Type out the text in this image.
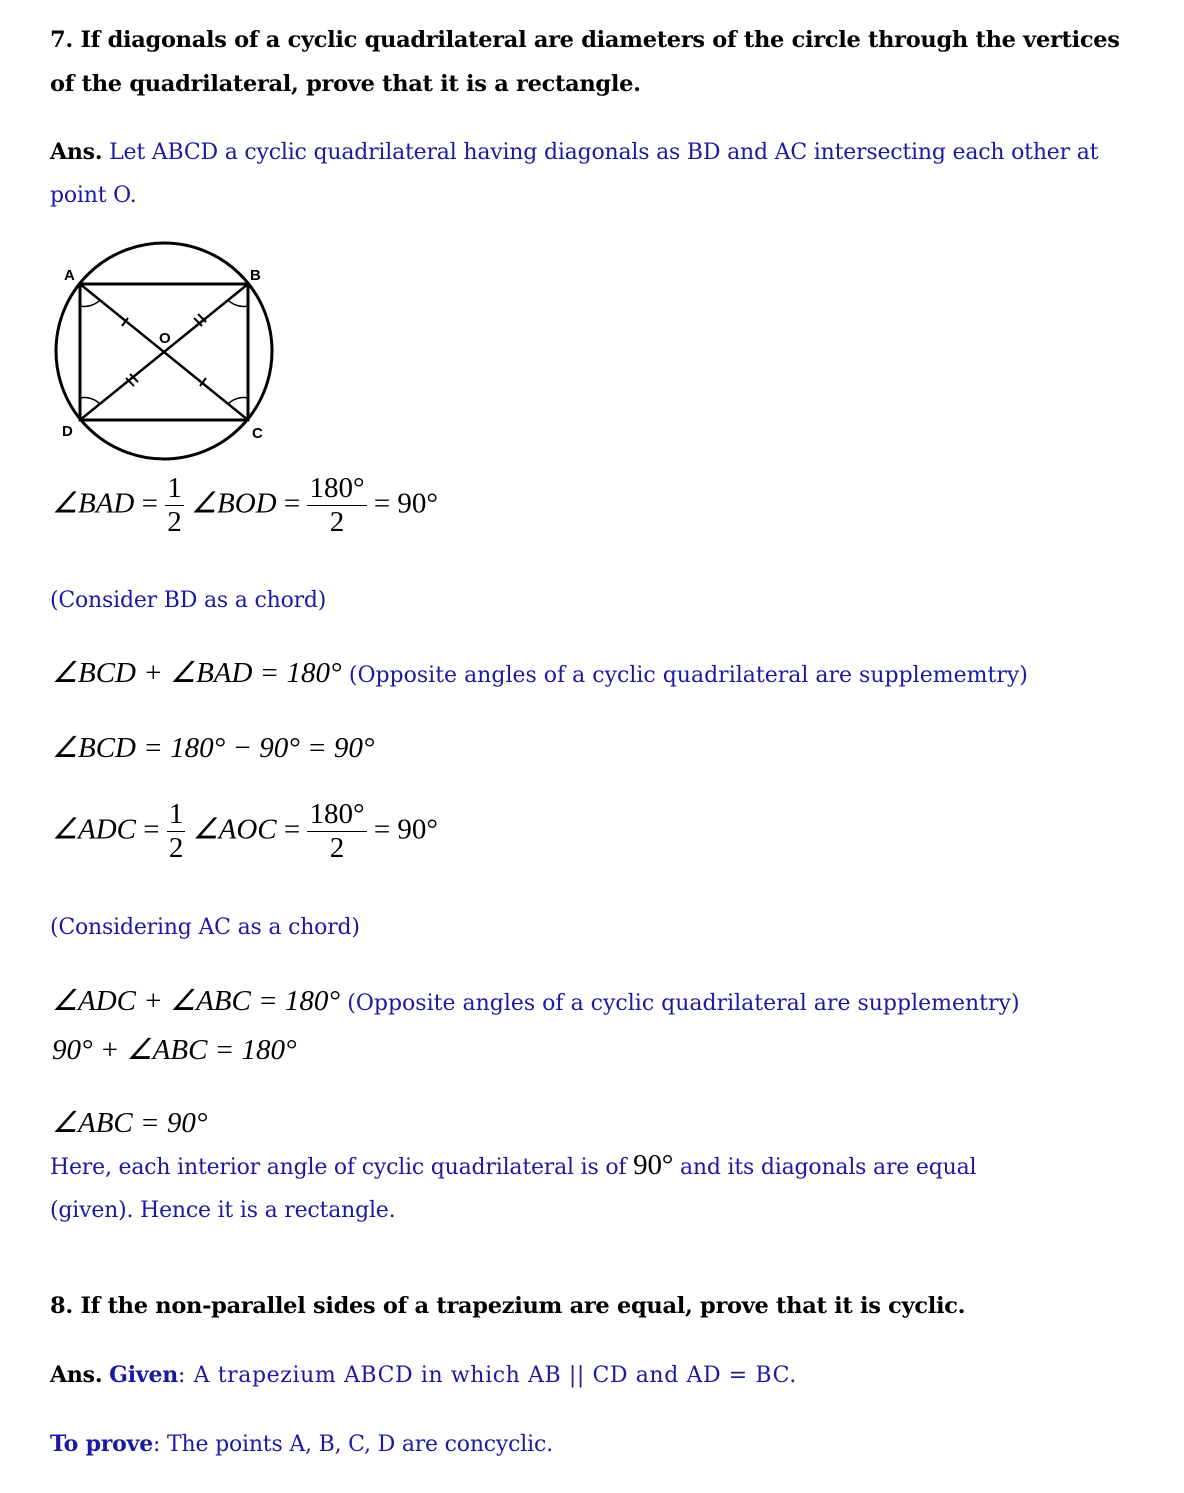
7. If diagonals of a cyclic quadrilateral are diameters of the circle through the vertices of the quadrilateral, prove that it is a rectangle.
Ans. Let ABCD a cyclic quadrilateral having diagonals as BD and AC intersecting each other at point O.
A	B
C
D
O
∠BAD = $\frac{1}{2}$ ∠BOD = $\frac{180^\circ}{2} = 90^\circ$
(Consider BD as a chord)
∠BCD + ∠BAD = 180° (Opposite angles of a cyclic quadrilateral are supplememtry)
∠BCD = 180° − 90° = 90°
∠ADC = $\frac{1}{2}$ ∠AOC = $\frac{180^\circ}{2} = 90^\circ$
(Considering AC as a chord)
∠ADC + ∠ABC = 180° (Opposite angles of a cyclic quadrilateral are supplementry)
90° + ∠ABC = 180°
∠ABC = 90°
Here, each interior angle of cyclic quadrilateral is of 90° and its diagonals are equal (given). Hence it is a rectangle.
8. If the non-parallel sides of a trapezium are equal, prove that it is cyclic.
Ans. Given: A trapezium ABCD in which AB || CD and AD = BC.
To prove: The points A, B, C, D are concyclic.
